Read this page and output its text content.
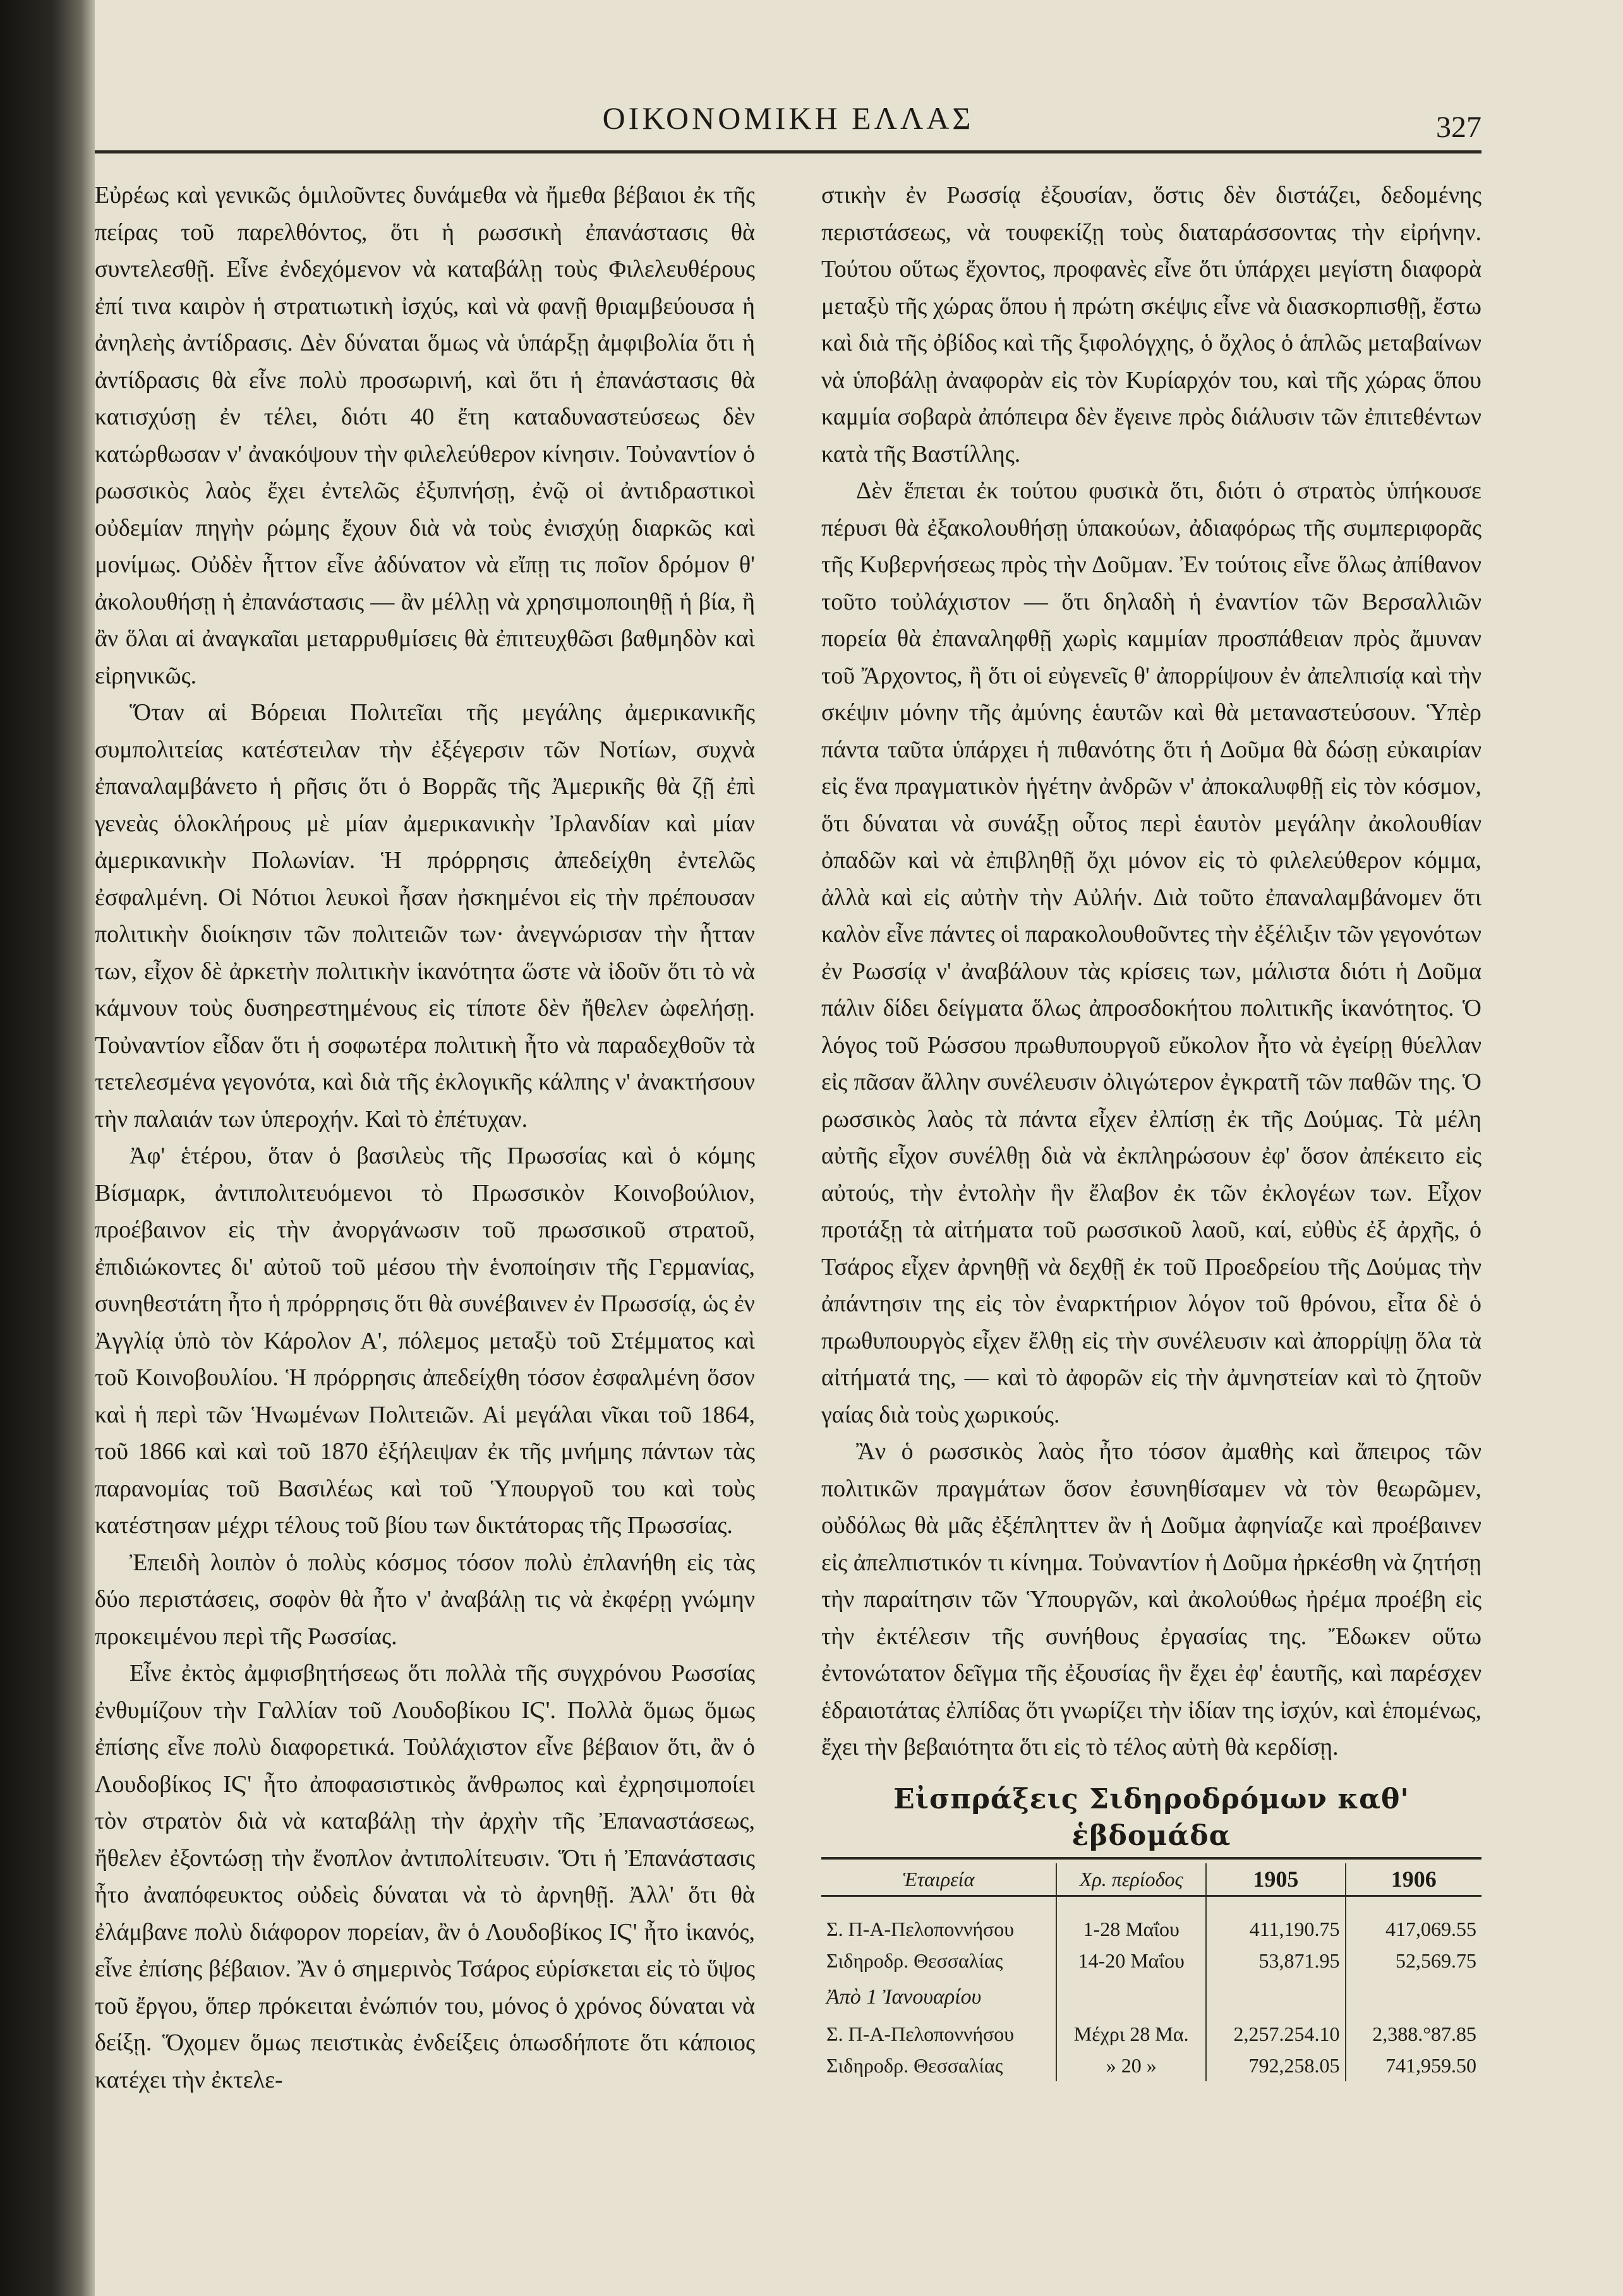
ΟΙΚΟΝΟΜΙΚΗ ΕΛΛΑΣ	327

Εὐρέως καὶ γενικῶς ὁμιλοῦντες δυνάμεθα νὰ ἤμεθα βέβαιοι ἐκ τῆς πείρας τοῦ παρελθόντος, ὅτι ἡ ρωσσικὴ ἐπανάστασις θὰ συντελεσθῇ. Εἶνε ἐνδεχόμενον νὰ καταβάλῃ τοὺς Φιλελευθέρους ἐπί τινα καιρὸν ἡ στρατιωτικὴ ἰσχύς, καὶ νὰ φανῇ θριαμβεύουσα ἡ ἀνηλεὴς ἀντίδρασις. Δὲν δύναται ὅμως νὰ ὑπάρξῃ ἀμφιβολία ὅτι ἡ ἀντίδρασις θὰ εἶνε πολὺ προσωρινή, καὶ ὅτι ἡ ἐπανάστασις θὰ κατισχύσῃ ἐν τέλει, διότι 40 ἔτη καταδυναστεύσεως δὲν κατώρθωσαν ν' ἀνακόψουν τὴν φιλελεύθερον κίνησιν. Τοὐναντίον ὁ ρωσσικὸς λαὸς ἔχει ἐντελῶς ἐξυπνήσῃ, ἐνῷ οἱ ἀντιδραστικοὶ οὐδεμίαν πηγὴν ρώμης ἔχουν διὰ νὰ τοὺς ἐνισχύῃ διαρκῶς καὶ μονίμως. Οὐδὲν ἧττον εἶνε ἀδύνατον νὰ εἴπῃ τις ποῖον δρόμον θ' ἀκολουθήσῃ ἡ ἐπανάστασις — ἂν μέλλῃ νὰ χρησιμοποιηθῇ ἡ βία, ἢ ἂν ὅλαι αἱ ἀναγκαῖαι μεταρρυθμίσεις θὰ ἐπιτευχθῶσι βαθμηδὸν καὶ εἰρηνικῶς.

Ὅταν αἱ Βόρειαι Πολιτεῖαι τῆς μεγάλης ἀμερικανικῆς συμπολιτείας κατέστειλαν τὴν ἐξέγερσιν τῶν Νοτίων, συχνὰ ἐπαναλαμβάνετο ἡ ρῆσις ὅτι ὁ Βορρᾶς τῆς Ἀμερικῆς θὰ ζῇ ἐπὶ γενεὰς ὁλοκλήρους μὲ μίαν ἀμερικανικὴν Ἰρλανδίαν καὶ μίαν ἀμερικανικὴν Πολωνίαν. Ἡ πρόρρησις ἀπεδείχθη ἐντελῶς ἐσφαλμένη. Οἱ Νότιοι λευκοὶ ἦσαν ἠσκημένοι εἰς τὴν πρέπουσαν πολιτικὴν διοίκησιν τῶν πολιτειῶν των· ἀνεγνώρισαν τὴν ἧτταν των, εἶχον δὲ ἀρκετὴν πολιτικὴν ἱκανότητα ὥστε νὰ ἰδοῦν ὅτι τὸ νὰ κάμνουν τοὺς δυσηρεστημένους εἰς τίποτε δὲν ἤθελεν ὠφελήσῃ. Τοὐναντίον εἶδαν ὅτι ἡ σοφωτέρα πολιτικὴ ἦτο νὰ παραδεχθοῦν τὰ τετελεσμένα γεγονότα, καὶ διὰ τῆς ἐκλογικῆς κάλπης ν' ἀνακτήσουν τὴν παλαιάν των ὑπεροχήν. Καὶ τὸ ἐπέτυχαν.

Ἀφ' ἑτέρου, ὅταν ὁ βασιλεὺς τῆς Πρωσσίας καὶ ὁ κόμης Βίσμαρκ, ἀντιπολιτευόμενοι τὸ Πρωσσικὸν Κοινοβούλιον, προέβαινον εἰς τὴν ἀνοργάνωσιν τοῦ πρωσσικοῦ στρατοῦ, ἐπιδιώκοντες δι' αὐτοῦ τοῦ μέσου τὴν ἑνοποίησιν τῆς Γερμανίας, συνηθεστάτη ἦτο ἡ πρόρρησις ὅτι θὰ συνέβαινεν ἐν Πρωσσίᾳ, ὡς ἐν Ἀγγλίᾳ ὑπὸ τὸν Κάρολον Α', πόλεμος μεταξὺ τοῦ Στέμματος καὶ τοῦ Κοινοβουλίου. Ἡ πρόρρησις ἀπεδείχθη τόσον ἐσφαλμένη ὅσον καὶ ἡ περὶ τῶν Ἡνωμένων Πολιτειῶν. Αἱ μεγάλαι νῖκαι τοῦ 1864, τοῦ 1866 καὶ καὶ τοῦ 1870 ἐξήλειψαν ἐκ τῆς μνήμης πάντων τὰς παρανομίας τοῦ Βασιλέως καὶ τοῦ Ὑπουργοῦ του καὶ τοὺς κατέστησαν μέχρι τέλους τοῦ βίου των δικτάτορας τῆς Πρωσσίας.

Ἐπειδὴ λοιπὸν ὁ πολὺς κόσμος τόσον πολὺ ἐπλανήθη εἰς τὰς δύο περιστάσεις, σοφὸν θὰ ἦτο ν' ἀναβάλῃ τις νὰ ἐκφέρῃ γνώμην προκειμένου περὶ τῆς Ρωσσίας.

Εἶνε ἐκτὸς ἀμφισβητήσεως ὅτι πολλὰ τῆς συγχρόνου Ρωσσίας ἐνθυμίζουν τὴν Γαλλίαν τοῦ Λουδοβίκου ΙϚ'. Πολλὰ ὅμως ὅμως ἐπίσης εἶνε πολὺ διαφορετικά. Τοὐλάχιστον εἶνε βέβαιον ὅτι, ἂν ὁ Λουδοβίκος ΙϚ' ἦτο ἀποφασιστικὸς ἄνθρωπος καὶ ἐχρησιμοποίει τὸν στρατὸν διὰ νὰ καταβάλῃ τὴν ἀρχὴν τῆς Ἐπαναστάσεως, ἤθελεν ἐξοντώσῃ τὴν ἔνοπλον ἀντιπολίτευσιν. Ὅτι ἡ Ἐπανάστασις ἦτο ἀναπόφευκτος οὐδεὶς δύναται νὰ τὸ ἀρνηθῇ. Ἀλλ' ὅτι θὰ ἐλάμβανε πολὺ διάφορον πορείαν, ἂν ὁ Λουδοβίκος ΙϚ' ἦτο ἱκανός, εἶνε ἐπίσης βέβαιον. Ἂν ὁ σημερινὸς Τσάρος εὑρίσκεται εἰς τὸ ὕψος τοῦ ἔργου, ὅπερ πρόκειται ἐνώπιόν του, μόνος ὁ χρόνος δύναται νὰ δείξῃ. Ὅχομεν ὅμως πειστικὰς ἐνδείξεις ὁπωσδήποτε ὅτι κάποιος κατέχει τὴν ἐκτελε-

στικὴν ἐν Ρωσσίᾳ ἐξουσίαν, ὅστις δὲν διστάζει, δεδομένης περιστάσεως, νὰ τουφεκίζῃ τοὺς διαταράσσοντας τὴν εἰρήνην. Τούτου οὕτως ἔχοντος, προφανὲς εἶνε ὅτι ὑπάρχει μεγίστη διαφορὰ μεταξὺ τῆς χώρας ὅπου ἡ πρώτη σκέψις εἶνε νὰ διασκορπισθῇ, ἔστω καὶ διὰ τῆς ὀβίδος καὶ τῆς ξιφολόγχης, ὁ ὄχλος ὁ ἁπλῶς μεταβαίνων νὰ ὑποβάλῃ ἀναφορὰν εἰς τὸν Κυρίαρχόν του, καὶ τῆς χώρας ὅπου καμμία σοβαρὰ ἀπόπειρα δὲν ἔγεινε πρὸς διάλυσιν τῶν ἐπιτεθέντων κατὰ τῆς Βαστίλλης.

Δὲν ἕπεται ἐκ τούτου φυσικὰ ὅτι, διότι ὁ στρατὸς ὑπήκουσε πέρυσι θὰ ἐξακολουθήσῃ ὑπακούων, ἀδιαφόρως τῆς συμπεριφορᾶς τῆς Κυβερνήσεως πρὸς τὴν Δοῦμαν. Ἐν τούτοις εἶνε ὅλως ἀπίθανον τοῦτο τοὐλάχιστον — ὅτι δηλαδὴ ἡ ἐναντίον τῶν Βερσαλλιῶν πορεία θὰ ἐπαναληφθῇ χωρὶς καμμίαν προσπάθειαν πρὸς ἄμυναν τοῦ Ἄρχοντος, ἢ ὅτι οἱ εὐγενεῖς θ' ἀπορρίψουν ἐν ἀπελπισίᾳ καὶ τὴν σκέψιν μόνην τῆς ἀμύνης ἑαυτῶν καὶ θὰ μεταναστεύσουν. Ὑπὲρ πάντα ταῦτα ὑπάρχει ἡ πιθανότης ὅτι ἡ Δοῦμα θὰ δώσῃ εὐκαιρίαν εἰς ἕνα πραγματικὸν ἡγέτην ἀνδρῶν ν' ἀποκαλυφθῇ εἰς τὸν κόσμον, ὅτι δύναται νὰ συνάξῃ οὗτος περὶ ἑαυτὸν μεγάλην ἀκολουθίαν ὀπαδῶν καὶ νὰ ἐπιβληθῇ ὄχι μόνον εἰς τὸ φιλελεύθερον κόμμα, ἀλλὰ καὶ εἰς αὐτὴν τὴν Αὐλήν. Διὰ τοῦτο ἐπαναλαμβάνομεν ὅτι καλὸν εἶνε πάντες οἱ παρακολουθοῦντες τὴν ἐξέλιξιν τῶν γεγονότων ἐν Ρωσσίᾳ ν' ἀναβάλουν τὰς κρίσεις των, μάλιστα διότι ἡ Δοῦμα πάλιν δίδει δείγματα ὅλως ἀπροσδοκήτου πολιτικῆς ἱκανότητος. Ὁ λόγος τοῦ Ρώσσου πρωθυπουργοῦ εὔκολον ἦτο νὰ ἐγείρῃ θύελλαν εἰς πᾶσαν ἄλλην συνέλευσιν ὀλιγώτερον ἐγκρατῆ τῶν παθῶν της. Ὁ ρωσσικὸς λαὸς τὰ πάντα εἶχεν ἐλπίσῃ ἐκ τῆς Δούμας. Τὰ μέλη αὐτῆς εἶχον συνέλθῃ διὰ νὰ ἐκπληρώσουν ἐφ' ὅσον ἀπέκειτο εἰς αὐτούς, τὴν ἐντολὴν ἣν ἔλαβον ἐκ τῶν ἐκλογέων των. Εἶχον προτάξῃ τὰ αἰτήματα τοῦ ρωσσικοῦ λαοῦ, καί, εὐθὺς ἐξ ἀρχῆς, ὁ Τσάρος εἶχεν ἀρνηθῇ νὰ δεχθῇ ἐκ τοῦ Προεδρείου τῆς Δούμας τὴν ἀπάντησιν της εἰς τὸν ἐναρκτήριον λόγον τοῦ θρόνου, εἶτα δὲ ὁ πρωθυπουργὸς εἶχεν ἔλθῃ εἰς τὴν συνέλευσιν καὶ ἀπορρίψῃ ὅλα τὰ αἰτήματά της, — καὶ τὸ ἀφορῶν εἰς τὴν ἀμνηστείαν καὶ τὸ ζητοῦν γαίας διὰ τοὺς χωρικούς.

Ἂν ὁ ρωσσικὸς λαὸς ἦτο τόσον ἀμαθὴς καὶ ἄπειρος τῶν πολιτικῶν πραγμάτων ὅσον ἐσυνηθίσαμεν νὰ τὸν θεωρῶμεν, οὐδόλως θὰ μᾶς ἐξέπληττεν ἂν ἡ Δοῦμα ἀφηνίαζε καὶ προέβαινεν εἰς ἀπελπιστικόν τι κίνημα. Τοὐναντίον ἡ Δοῦμα ἠρκέσθη νὰ ζητήσῃ τὴν παραίτησιν τῶν Ὑπουργῶν, καὶ ἀκολούθως ἠρέμα προέβη εἰς τὴν ἐκτέλεσιν τῆς συνήθους ἐργασίας της. Ἔδωκεν οὕτω ἐντονώτατον δεῖγμα τῆς ἐξουσίας ἣν ἔχει ἐφ' ἑαυτῆς, καὶ παρέσχεν ἑδραιοτάτας ἐλπίδας ὅτι γνωρίζει τὴν ἰδίαν της ἰσχύν, καὶ ἑπομένως, ἔχει τὴν βεβαιότητα ὅτι εἰς τὸ τέλος αὐτὴ θὰ κερδίσῃ.

Εἰσπράξεις Σιδηροδρόμων καθ' ἑβδομάδα
Ἑταιρεία	Χρ. περίοδος	1905	1906

Σ. Π-Α-Πελοποννήσου	1-28 Μαΐου	411,190.75	417,069.55
Σιδηροδρ. Θεσσαλίας	14-20 Μαΐου	53,871.95	52,569.75
Ἀπὸ 1 Ἰανουαρίου			
Σ. Π-Α-Πελοποννήσου	Μέχρι 28 Μα.	2,257.254.10	2,388.°87.85
Σιδηροδρ. Θεσσαλίας	» 20 »	792,258.05	741,959.50
